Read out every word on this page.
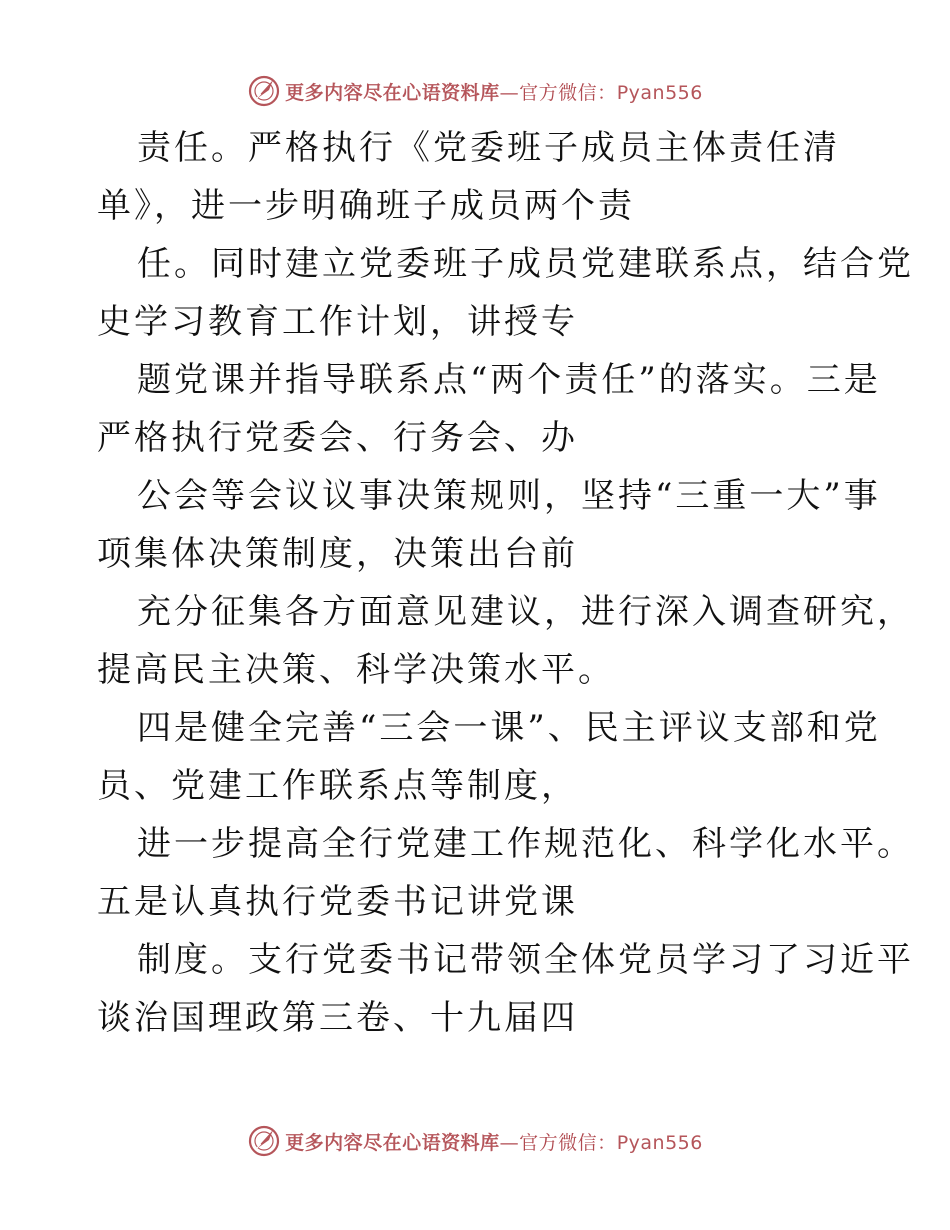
更多内容尽在心语资料库—官方微信：Pyan556
责任。严格执行《党委班子成员主体责任清
单》，进一步明确班子成员两个责
任。同时建立党委班子成员党建联系点，结合党
史学习教育工作计划，讲授专
题党课并指导联系点“两个责任”的落实。三是
严格执行党委会、行务会、办
公会等会议议事决策规则，坚持“三重一大”事
项集体决策制度，决策出台前
充分征集各方面意见建议，进行深入调查研究，
提高民主决策、科学决策水平。
四是健全完善“三会一课”、民主评议支部和党
员、党建工作联系点等制度，
进一步提高全行党建工作规范化、科学化水平。
五是认真执行党委书记讲党课
制度。支行党委书记带领全体党员学习了习近平
谈治国理政第三卷、十九届四
更多内容尽在心语资料库—官方微信：Pyan556
